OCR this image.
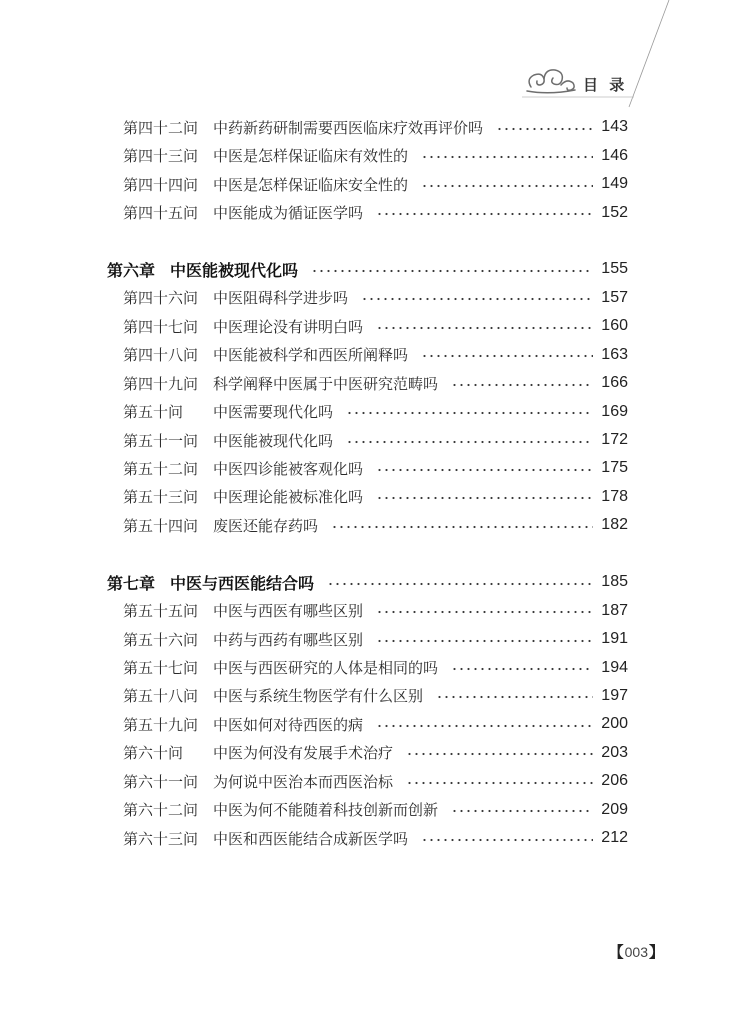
目 录
第四十二问 中药新药研制需要西医临床疗效再评价吗	143
第四十三问 中医是怎样保证临床有效性的	146
第四十四问 中医是怎样保证临床安全性的	149
第四十五问 中医能成为循证医学吗	152
第六章 中医能被现代化吗	155
第四十六问 中医阻碍科学进步吗	157
第四十七问 中医理论没有讲明白吗	160
第四十八问 中医能被科学和西医所阐释吗	163
第四十九问 科学阐释中医属于中医研究范畴吗	166
第五十问	中医需要现代化吗	169
第五十一问 中医能被现代化吗	172
第五十二问 中医四诊能被客观化吗	175
第五十三问 中医理论能被标准化吗	178
第五十四问 废医还能存药吗	182
第七章 中医与西医能结合吗	185
第五十五问 中医与西医有哪些区别	187
第五十六问 中药与西药有哪些区别	191
第五十七问 中医与西医研究的人体是相同的吗	194
第五十八问 中医与系统生物医学有什么区别	197
第五十九问 中医如何对待西医的病	200
第六十问	中医为何没有发展手术治疗	203
第六十一问 为何说中医治本而西医治标	206
第六十二问 中医为何不能随着科技创新而创新	209
第六十三问 中医和西医能结合成新医学吗	212
【 003 】
